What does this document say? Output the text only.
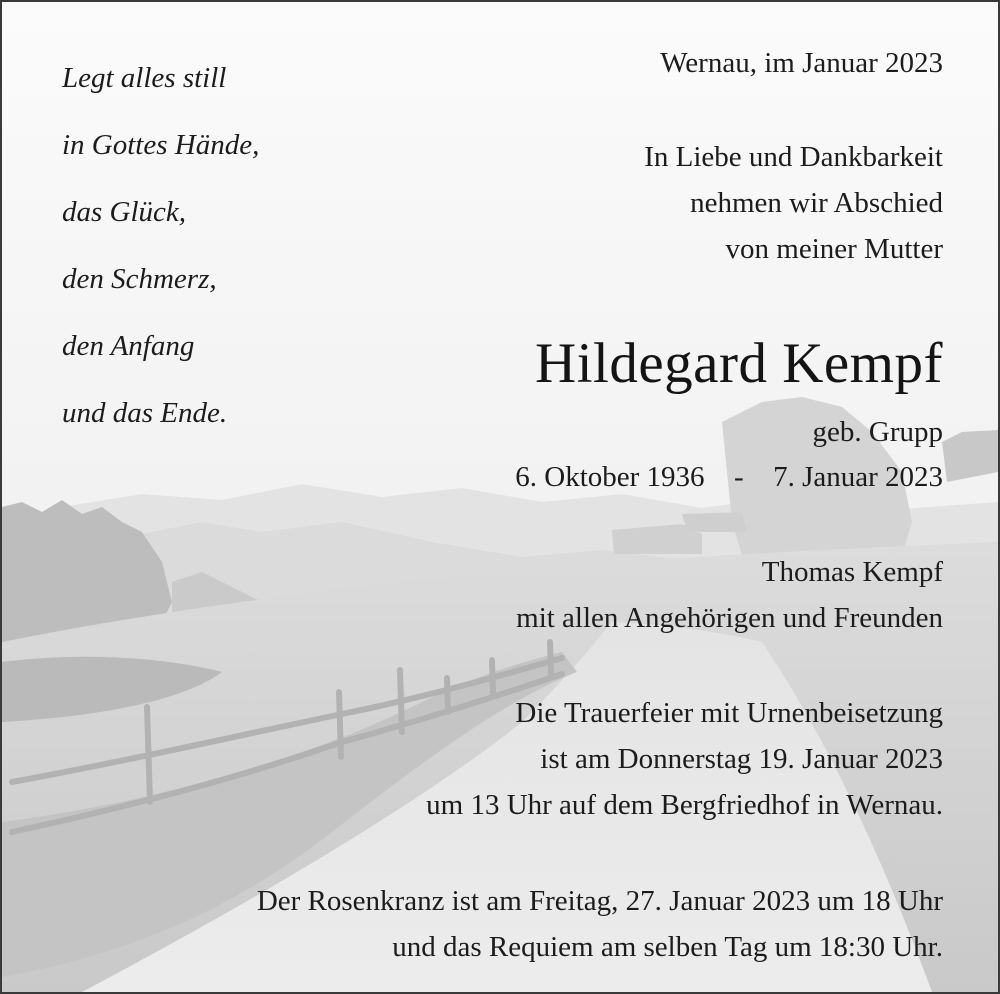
Legt alles still
in Gottes Hände,
das Glück,
den Schmerz,
den Anfang
und das Ende.
Wernau, im Januar 2023
In Liebe und Dankbarkeit
nehmen wir Abschied
von meiner Mutter
Hildegard Kempf
geb. Grupp
6. Oktober 1936 - 7. Januar 2023
Thomas Kempf
mit allen Angehörigen und Freunden
Die Trauerfeier mit Urnenbeisetzung
ist am Donnerstag 19. Januar 2023
um 13 Uhr auf dem Bergfriedhof in Wernau.
Der Rosenkranz ist am Freitag, 27. Januar 2023 um 18 Uhr
und das Requiem am selben Tag um 18:30 Uhr.
